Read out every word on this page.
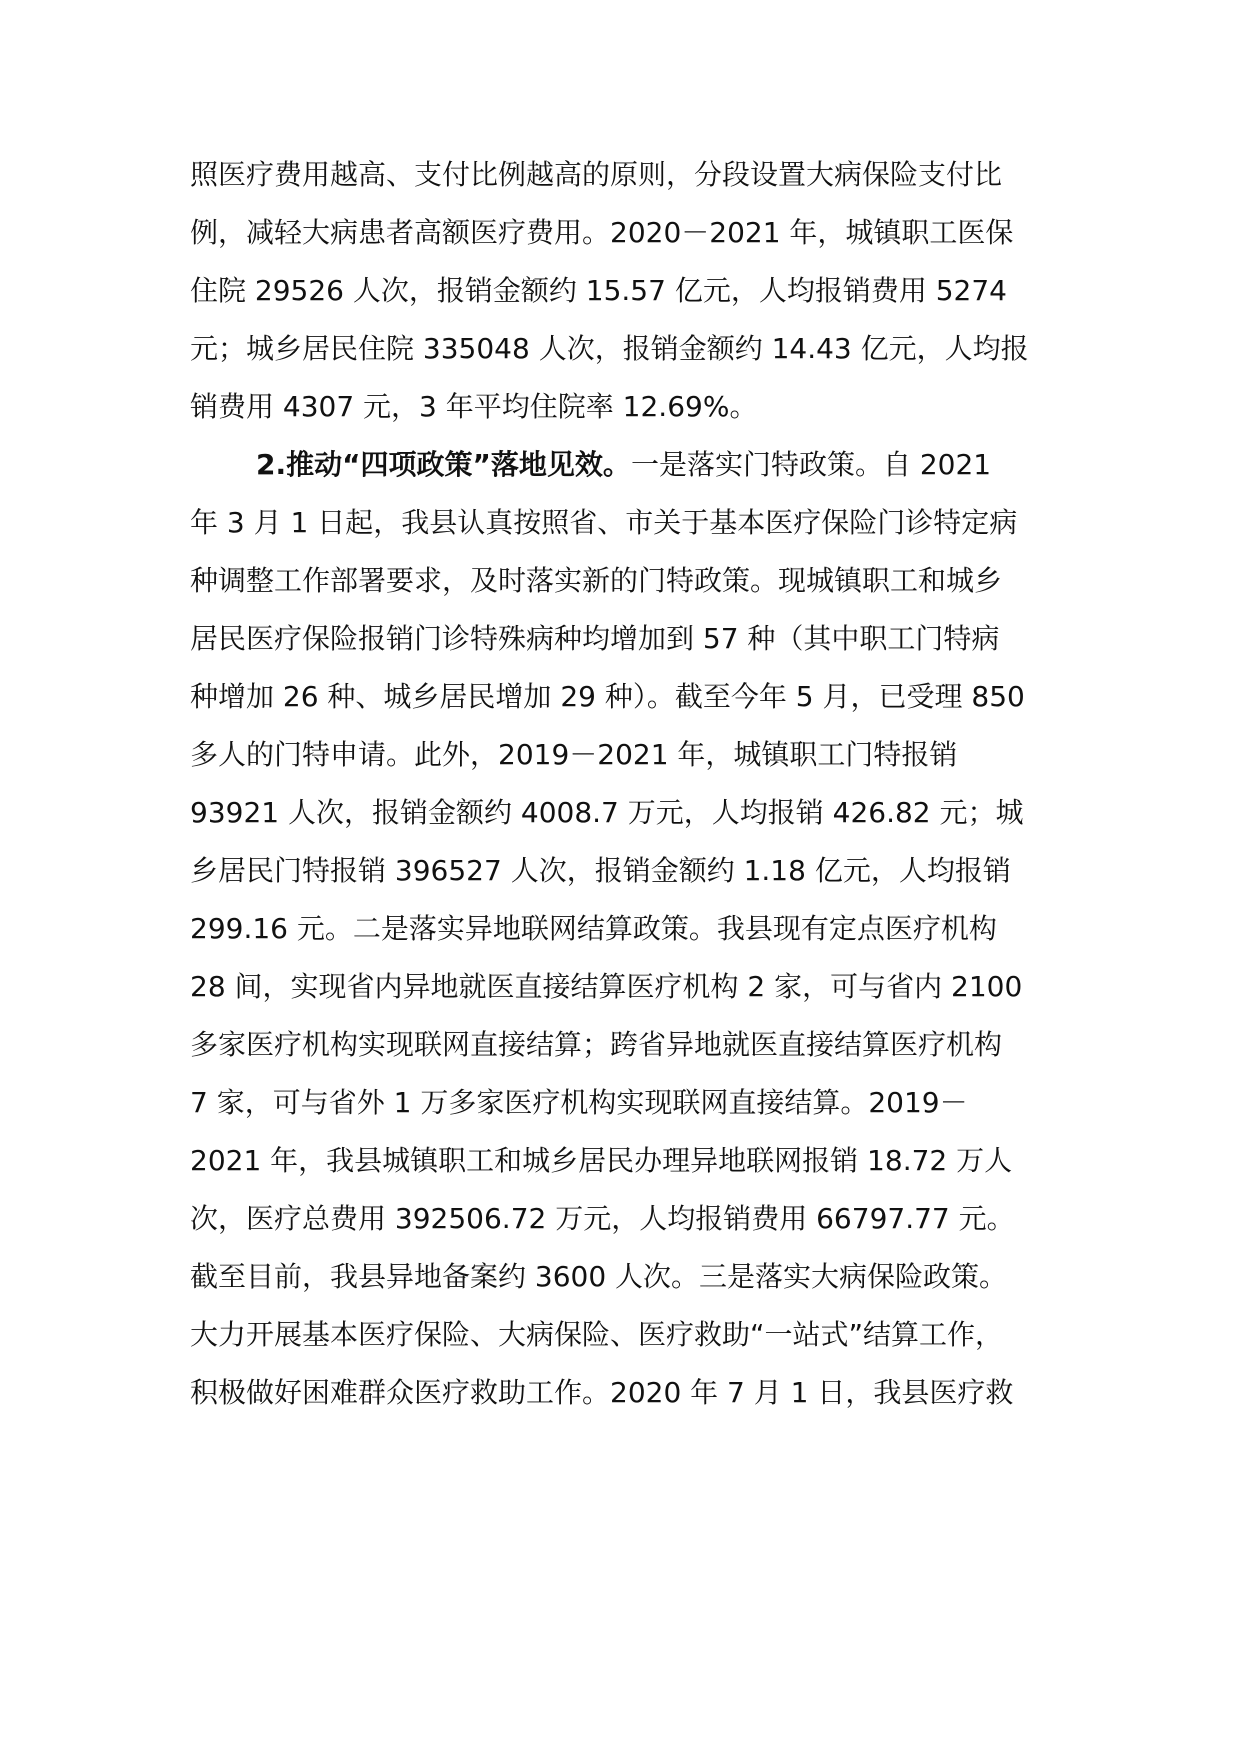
照医疗费用越高、支付比例越高的原则，分段设置大病保险支付比
例，减轻大病患者高额医疗费用。2020－2021 年，城镇职工医保
住院 29526 人次，报销金额约 15.57 亿元，人均报销费用 5274
元；城乡居民住院 335048 人次，报销金额约 14.43 亿元，人均报
销费用 4307 元，3 年平均住院率 12.69%。
2.推动“四项政策”落地见效。一是落实门特政策。自 2021
年 3 月 1 日起，我县认真按照省、市关于基本医疗保险门诊特定病
种调整工作部署要求，及时落实新的门特政策。现城镇职工和城乡
居民医疗保险报销门诊特殊病种均增加到 57 种（其中职工门特病
种增加 26 种、城乡居民增加 29 种）。截至今年 5 月，已受理 850
多人的门特申请。此外，2019－2021 年，城镇职工门特报销
93921 人次，报销金额约 4008.7 万元，人均报销 426.82 元；城
乡居民门特报销 396527 人次，报销金额约 1.18 亿元，人均报销
299.16 元。二是落实异地联网结算政策。我县现有定点医疗机构
28 间，实现省内异地就医直接结算医疗机构 2 家，可与省内 2100
多家医疗机构实现联网直接结算；跨省异地就医直接结算医疗机构
7 家，可与省外 1 万多家医疗机构实现联网直接结算。2019－
2021 年，我县城镇职工和城乡居民办理异地联网报销 18.72 万人
次，医疗总费用 392506.72 万元，人均报销费用 66797.77 元。
截至目前，我县异地备案约 3600 人次。三是落实大病保险政策。
大力开展基本医疗保险、大病保险、医疗救助“一站式”结算工作，
积极做好困难群众医疗救助工作。2020 年 7 月 1 日，我县医疗救
